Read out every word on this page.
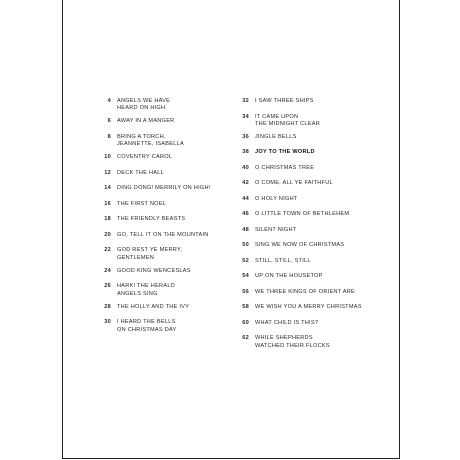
4 ANGELS WE HAVE
HEARD ON HIGH
6 AWAY IN A MANGER
8 BRING A TORCH,
JEANNETTE, ISABELLA
10 COVENTRY CAROL
12 DECK THE HALL
14 DING DONG! MERRILY ON HIGH!
16 THE FIRST NOEL
18 THE FRIENDLY BEASTS
20 GO, TELL IT ON THE MOUNTAIN
22 GOD REST YE MERRY,
GENTLEMEN
24 GOOD KING WENCESLAS
26 HARK! THE HERALD
ANGELS SING
28 THE HOLLY AND THE IVY
30 I HEARD THE BELLS
ON CHRISTMAS DAY
32 I SAW THREE SHIPS
34 IT CAME UPON
THE MIDNIGHT CLEAR
36 JINGLE BELLS
38 JOY TO THE WORLD
40 O CHRISTMAS TREE
42 O COME, ALL YE FAITHFUL
44 O HOLY NIGHT
46 O LITTLE TOWN OF BETHLEHEM
48 SILENT NIGHT
50 SING WE NOW OF CHRISTMAS
52 STILL, STILL, STILL
54 UP ON THE HOUSETOP
56 WE THREE KINGS OF ORIENT ARE
58 WE WISH YOU A MERRY CHRISTMAS
60 WHAT CHILD IS THIS?
62 WHILE SHEPHERDS
WATCHED THEIR FLOCKS
